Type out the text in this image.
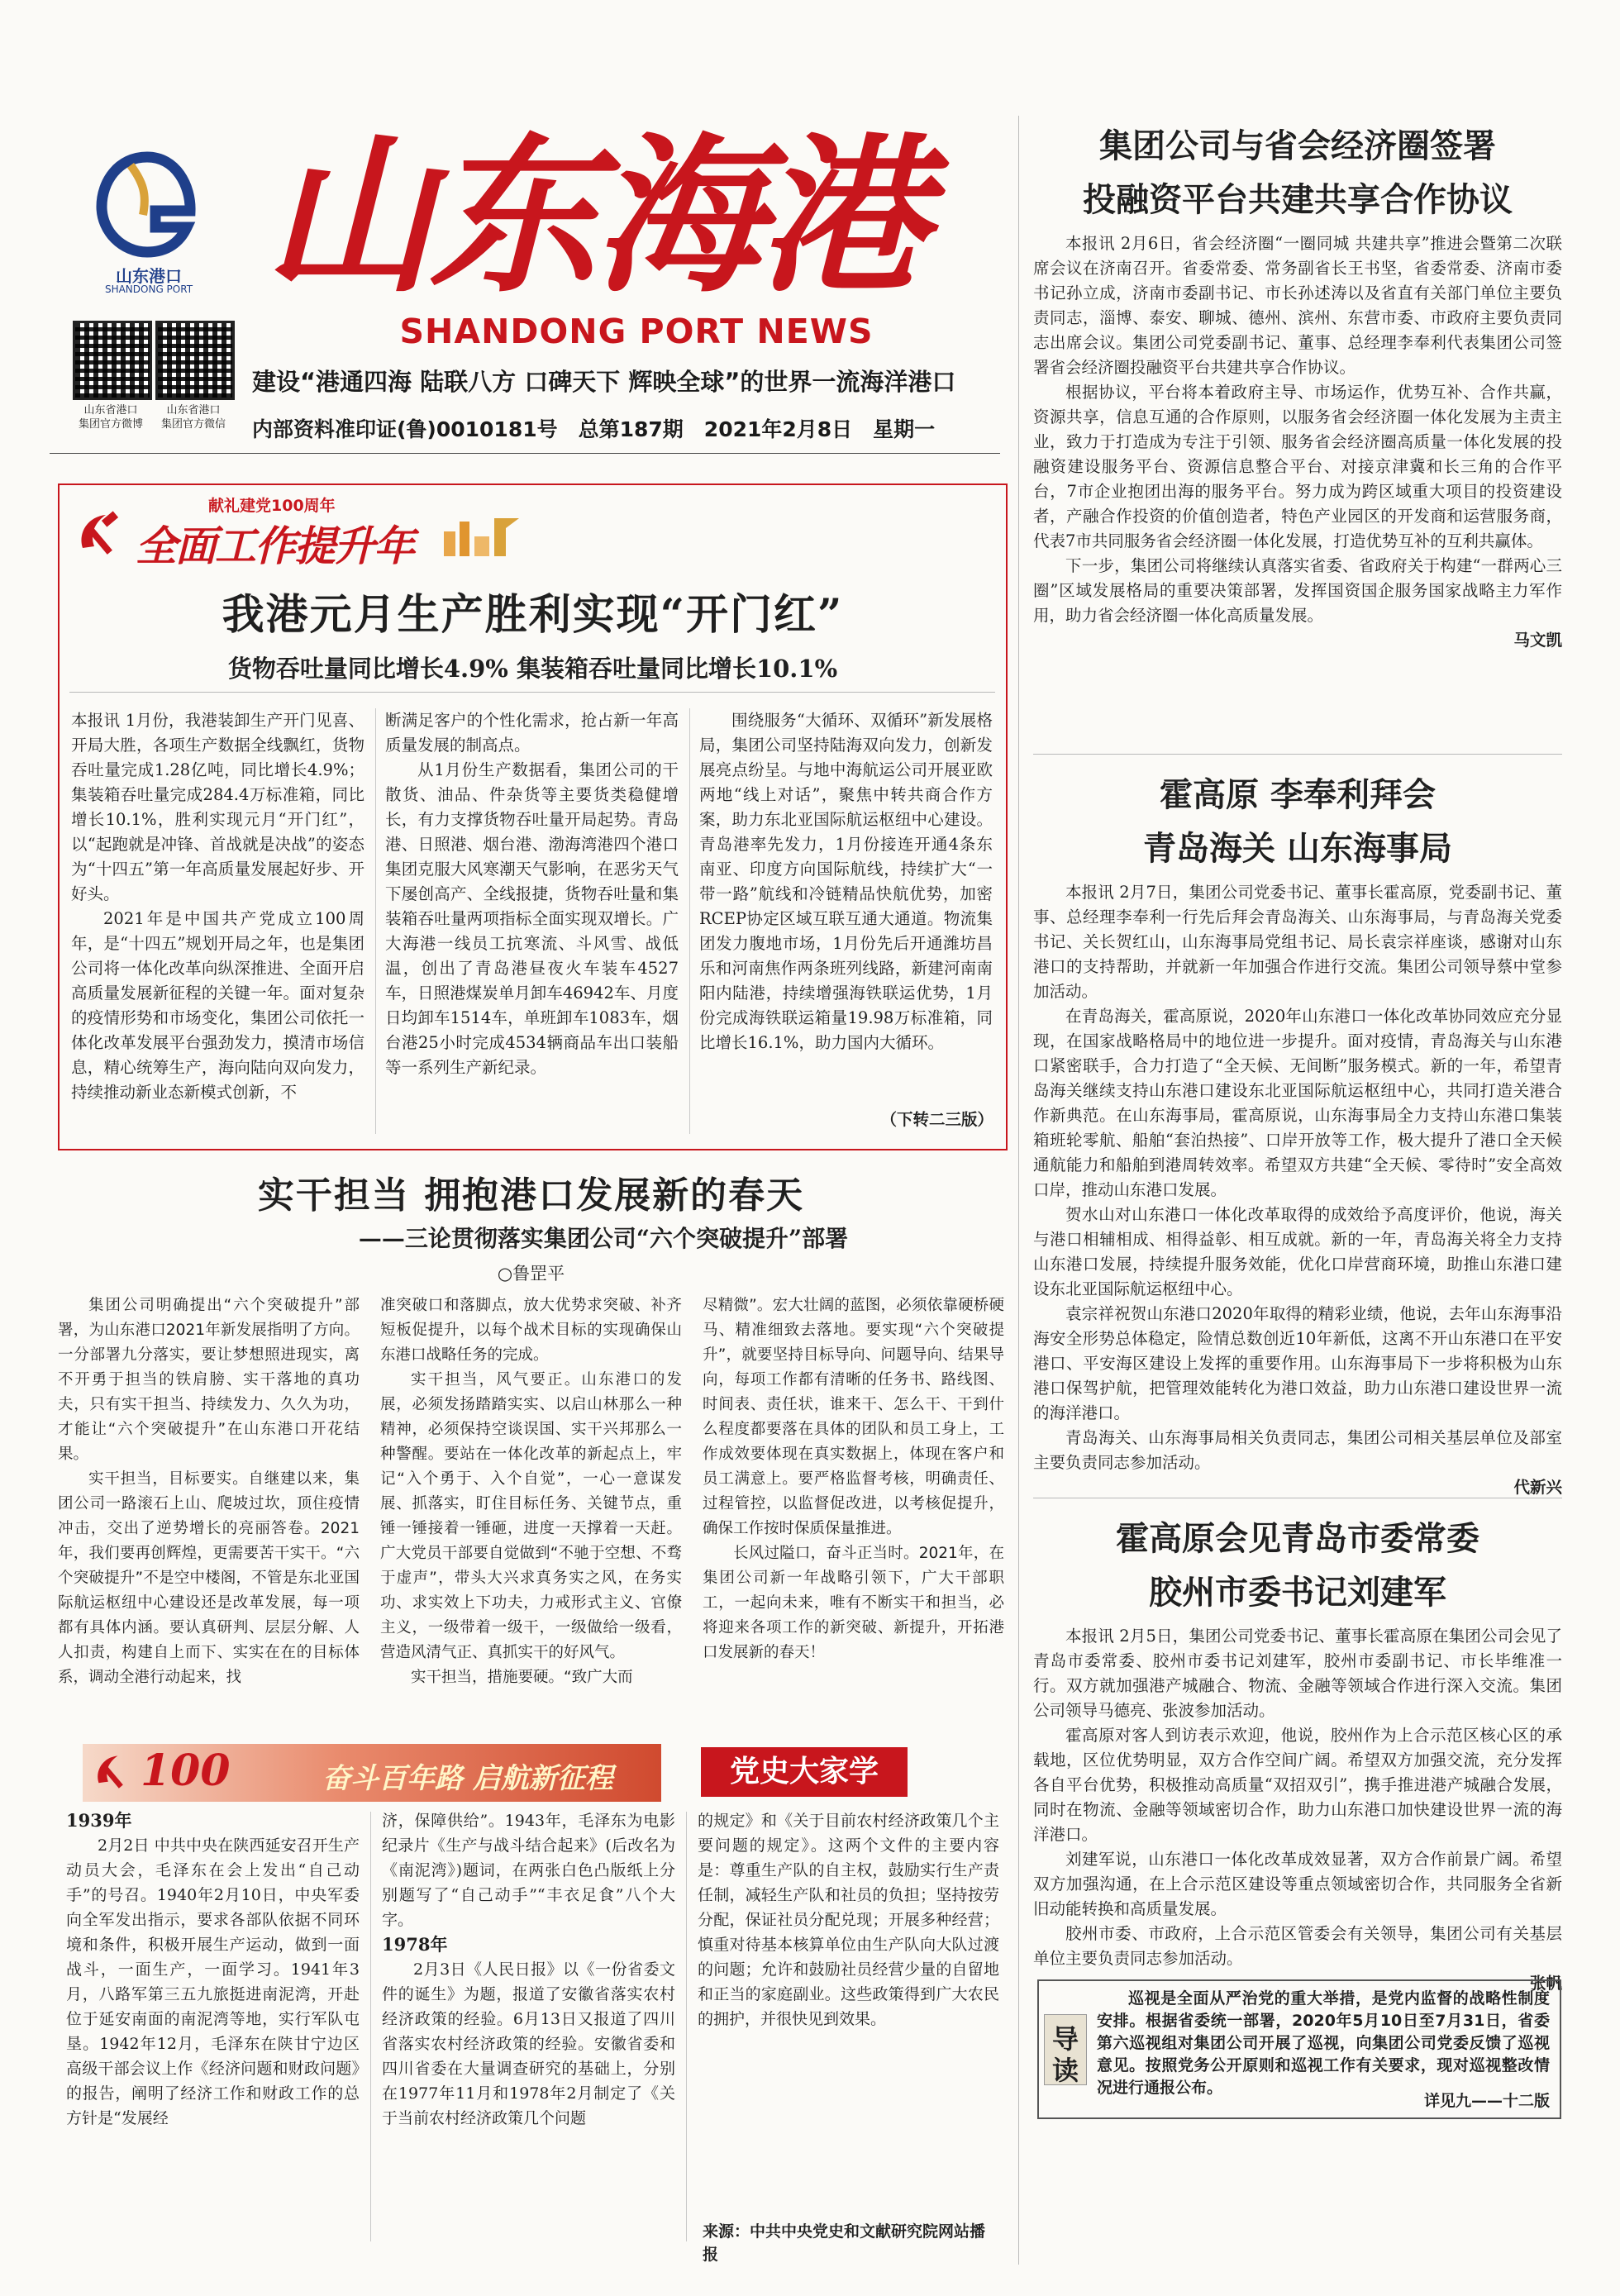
山东港口
SHANDONG PORT
山东省港口
集团官方微博
山东省港口
集团官方微信
山东海港
SHANDONG PORT NEWS
建设“港通四海 陆联八方 口碑天下 辉映全球”的世界一流海洋港口
内部资料准印证(鲁)0010181号　总第187期　2021年2月8日　星期一
献礼建党100周年
全面工作提升年
我港元月生产胜利实现“开门红”
货物吞吐量同比增长4.9% 集装箱吞吐量同比增长10.1%

本报讯 1月份，我港装卸生产开门见喜、开局大胜，各项生产数据全线飘红，货物吞吐量完成1.28亿吨，同比增长4.9%；集装箱吞吐量完成284.4万标准箱，同比增长10.1%，胜利实现元月“开门红”，以“起跑就是冲锋、首战就是决战”的姿态为“十四五”第一年高质量发展起好步、开好头。

2021年是中国共产党成立100周年，是“十四五”规划开局之年，也是集团公司将一体化改革向纵深推进、全面开启高质量发展新征程的关键一年。面对复杂的疫情形势和市场变化，集团公司依托一体化改革发展平台强劲发力，摸清市场信息，精心统筹生产，海向陆向双向发力，持续推动新业态新模式创新，不

断满足客户的个性化需求，抢占新一年高质量发展的制高点。

从1月份生产数据看，集团公司的干散货、油品、件杂货等主要货类稳健增长，有力支撑货物吞吐量开局起势。青岛港、日照港、烟台港、渤海湾港四个港口集团克服大风寒潮天气影响，在恶劣天气下屡创高产、全线报捷，货物吞吐量和集装箱吞吐量两项指标全面实现双增长。广大海港一线员工抗寒流、斗风雪、战低温，创出了青岛港昼夜火车装车4527车，日照港煤炭单月卸车46942车、月度日均卸车1514车，单班卸车1083车，烟台港25小时完成4534辆商品车出口装船等一系列生产新纪录。

围绕服务“大循环、双循环”新发展格局，集团公司坚持陆海双向发力，创新发展亮点纷呈。与地中海航运公司开展亚欧两地“线上对话”，聚焦中转共商合作方案，助力东北亚国际航运枢纽中心建设。青岛港率先发力，1月份接连开通4条东南亚、印度方向国际航线，持续扩大“一带一路”航线和冷链精品快航优势，加密RCEP协定区域互联互通大通道。物流集团发力腹地市场，1月份先后开通潍坊昌乐和河南焦作两条班列线路，新建河南南阳内陆港，持续增强海铁联运优势，1月份完成海铁联运箱量19.98万标准箱，同比增长16.1%，助力国内大循环。

（下转二三版）
实干担当 拥抱港口发展新的春天
——三论贯彻落实集团公司“六个突破提升”部署
○鲁罡平

集团公司明确提出“六个突破提升”部署，为山东港口2021年新发展指明了方向。一分部署九分落实，要让梦想照进现实，离不开勇于担当的铁肩膀、实干落地的真功夫，只有实干担当、持续发力、久久为功，才能让“六个突破提升”在山东港口开花结果。

实干担当，目标要实。自继建以来，集团公司一路滚石上山、爬坡过坎，顶住疫情冲击，交出了逆势增长的亮丽答卷。2021年，我们要再创辉煌，更需要苦干实干。“六个突破提升”不是空中楼阁，不管是东北亚国际航运枢纽中心建设还是改革发展，每一项都有具体内涵。要认真研判、层层分解、人人扣责，构建自上而下、实实在在的目标体系，调动全港行动起来，找

准突破口和落脚点，放大优势求突破、补齐短板促提升，以每个战术目标的实现确保山东港口战略任务的完成。

实干担当，风气要正。山东港口的发展，必须发扬踏踏实实、以启山林那么一种精神，必须保持空谈误国、实干兴邦那么一种警醒。要站在一体化改革的新起点上，牢记“入个勇于、入个自觉”，一心一意谋发展、抓落实，盯住目标任务、关键节点，重锤一锤接着一锤砸，进度一天撑着一天赶。广大党员干部要自觉做到“不驰于空想、不骛于虚声”，带头大兴求真务实之风，在务实功、求实效上下功夫，力戒形式主义、官僚主义，一级带着一级干，一级做给一级看，营造风清气正、真抓实干的好风气。

实干担当，措施要硬。“致广大而

尽精微”。宏大壮阔的蓝图，必须依靠硬桥硬马、精准细致去落地。要实现“六个突破提升”，就要坚持目标导向、问题导向、结果导向，每项工作都有清晰的任务书、路线图、时间表、责任状，谁来干、怎么干、干到什么程度都要落在具体的团队和员工身上，工作成效要体现在真实数据上，体现在客户和员工满意上。要严格监督考核，明确责任、过程管控，以监督促改进，以考核促提升，确保工作按时保质保量推进。

长风过隘口，奋斗正当时。2021年，在集团公司新一年战略引领下，广大干部职工，一起向未来，唯有不断实干和担当，必将迎来各项工作的新突破、新提升，开拓港口发展新的春天！

100	奋斗百年路 启航新征程	党史大家学

1939年

2月2日 中共中央在陕西延安召开生产动员大会，毛泽东在会上发出“自己动手”的号召。1940年2月10日，中央军委向全军发出指示，要求各部队依据不同环境和条件，积极开展生产运动，做到一面战斗，一面生产，一面学习。1941年3月，八路军第三五九旅挺进南泥湾，开赴位于延安南面的南泥湾等地，实行军队屯垦。1942年12月，毛泽东在陕甘宁边区高级干部会议上作《经济问题和财政问题》的报告，阐明了经济工作和财政工作的总方针是“发展经

济，保障供给”。1943年，毛泽东为电影纪录片《生产与战斗结合起来》(后改名为《南泥湾》)题词，在两张白色凸版纸上分别题写了“自己动手”“丰衣足食”八个大字。

1978年

2月3日《人民日报》以《一份省委文件的诞生》为题，报道了安徽省落实农村经济政策的经验。6月13日又报道了四川省落实农村经济政策的经验。安徽省委和四川省委在大量调查研究的基础上，分别在1977年11月和1978年2月制定了《关于当前农村经济政策几个问题

的规定》和《关于目前农村经济政策几个主要问题的规定》。这两个文件的主要内容是：尊重生产队的自主权，鼓励实行生产责任制，减轻生产队和社员的负担；坚持按劳分配，保证社员分配兑现；开展多种经营；慎重对待基本核算单位由生产队向大队过渡的问题；允许和鼓励社员经营少量的自留地和正当的家庭副业。这些政策得到广大农民的拥护，并很快见到效果。

来源：中共中央党史和文献研究院网站播报
集团公司与省会经济圈签署
投融资平台共建共享合作协议

本报讯 2月6日，省会经济圈“一圈同城 共建共享”推进会暨第二次联席会议在济南召开。省委常委、常务副省长王书坚，省委常委、济南市委书记孙立成，济南市委副书记、市长孙述涛以及省直有关部门单位主要负责同志，淄博、泰安、聊城、德州、滨州、东营市委、市政府主要负责同志出席会议。集团公司党委副书记、董事、总经理李奉利代表集团公司签署省会经济圈投融资平台共建共享合作协议。

根据协议，平台将本着政府主导、市场运作，优势互补、合作共赢，资源共享，信息互通的合作原则，以服务省会经济圈一体化发展为主责主业，致力于打造成为专注于引领、服务省会经济圈高质量一体化发展的投融资建设服务平台、资源信息整合平台、对接京津冀和长三角的合作平台，7市企业抱团出海的服务平台。努力成为跨区域重大项目的投资建设者，产融合作投资的价值创造者，特色产业园区的开发商和运营服务商，代表7市共同服务省会经济圈一体化发展，打造优势互补的互利共赢体。

下一步，集团公司将继续认真落实省委、省政府关于构建“一群两心三圈”区域发展格局的重要决策部署，发挥国资国企服务国家战略主力军作用，助力省会经济圈一体化高质量发展。

马文凯

霍高原 李奉利拜会
青岛海关 山东海事局

本报讯 2月7日，集团公司党委书记、董事长霍高原，党委副书记、董事、总经理李奉利一行先后拜会青岛海关、山东海事局，与青岛海关党委书记、关长贺红山，山东海事局党组书记、局长袁宗祥座谈，感谢对山东港口的支持帮助，并就新一年加强合作进行交流。集团公司领导蔡中堂参加活动。

在青岛海关，霍高原说，2020年山东港口一体化改革协同效应充分显现，在国家战略格局中的地位进一步提升。面对疫情，青岛海关与山东港口紧密联手，合力打造了“全天候、无间断”服务模式。新的一年，希望青岛海关继续支持山东港口建设东北亚国际航运枢纽中心，共同打造关港合作新典范。在山东海事局，霍高原说，山东海事局全力支持山东港口集装箱班轮零航、船舶“套泊热接”、口岸开放等工作，极大提升了港口全天候通航能力和船舶到港周转效率。希望双方共建“全天候、零待时”安全高效口岸，推动山东港口发展。

贺水山对山东港口一体化改革取得的成效给予高度评价，他说，海关与港口相辅相成、相得益彰、相互成就。新的一年，青岛海关将全力支持山东港口发展，持续提升服务效能，优化口岸营商环境，助推山东港口建设东北亚国际航运枢纽中心。

袁宗祥祝贺山东港口2020年取得的精彩业绩，他说，去年山东海事沿海安全形势总体稳定，险情总数创近10年新低，这离不开山东港口在平安港口、平安海区建设上发挥的重要作用。山东海事局下一步将积极为山东港口保驾护航，把管理效能转化为港口效益，助力山东港口建设世界一流的海洋港口。

青岛海关、山东海事局相关负责同志，集团公司相关基层单位及部室主要负责同志参加活动。

代新兴

霍高原会见青岛市委常委
胶州市委书记刘建军

本报讯 2月5日，集团公司党委书记、董事长霍高原在集团公司会见了青岛市委常委、胶州市委书记刘建军，胶州市委副书记、市长毕维准一行。双方就加强港产城融合、物流、金融等领域合作进行深入交流。集团公司领导马德亮、张波参加活动。

霍高原对客人到访表示欢迎，他说，胶州作为上合示范区核心区的承载地，区位优势明显，双方合作空间广阔。希望双方加强交流，充分发挥各自平台优势，积极推动高质量“双招双引”，携手推进港产城融合发展，同时在物流、金融等领域密切合作，助力山东港口加快建设世界一流的海洋港口。

刘建军说，山东港口一体化改革成效显著，双方合作前景广阔。希望双方加强沟通，在上合示范区建设等重点领域密切合作，共同服务全省新旧动能转换和高质量发展。

胶州市委、市政府，上合示范区管委会有关领导，集团公司有关基层单位主要负责同志参加活动。

张帆

导
读
巡视是全面从严治党的重大举措，是党内监督的战略性制度安排。根据省委统一部署，2020年5月10日至7月31日，省委第六巡视组对集团公司开展了巡视，向集团公司党委反馈了巡视意见。按照党务公开原则和巡视工作有关要求，现对巡视整改情况进行通报公布。
详见九——十二版
